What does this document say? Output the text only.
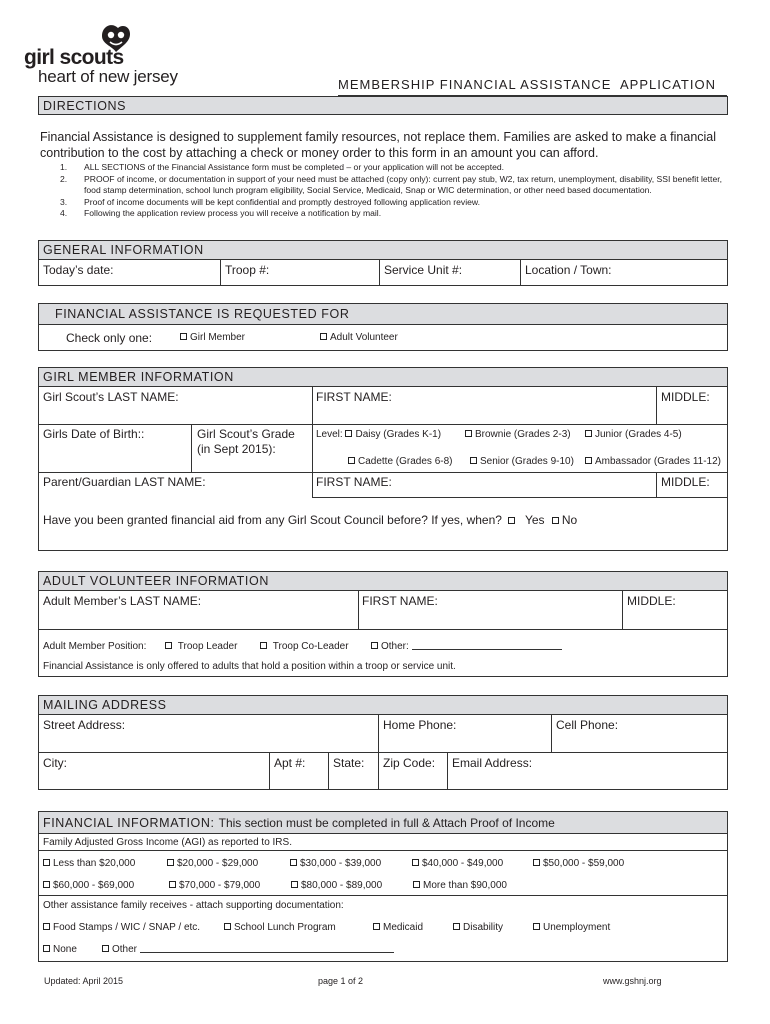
girl scouts
heart of new jersey	MEMBERSHIP FINANCIAL ASSISTANCE  APPLICATION
DIRECTIONS
Financial Assistance is designed to supplement family resources, not replace them. Families are asked to make a financial contribution to the cost by attaching a check or money order to this form in an amount you can afford.
1.	ALL SECTIONS of the Financial Assistance form must be completed – or your application will not be accepted.
2.	PROOF of income, or documentation in support of your need must be attached (copy only): current pay stub, W2, tax return, unemployment, disability, SSI benefit letter, food stamp determination, school lunch program eligibility, Social Service, Medicaid, Snap or WIC determination, or other need based documentation.
3.	Proof of income documents will be kept confidential and promptly destroyed following application review.
4.	Following the application review process you will receive a notification by mail.
GENERAL INFORMATION
Today’s date:	Troop #:	Service Unit #:	Location / Town:
FINANCIAL ASSISTANCE IS REQUESTED FOR
Check only one:	Girl Member	Adult Volunteer
GIRL MEMBER INFORMATION
Girl Scout’s LAST NAME:	FIRST NAME:	MIDDLE:
Girls Date of Birth::	Girl Scout’s Grade
(in Sept 2015):
Level: Daisy (Grades K-1)	Brownie (Grades 2-3)	Junior (Grades 4-5)
Cadette (Grades 6-8)	Senior (Grades 9-10)	Ambassador (Grades 11-12)
Parent/Guardian LAST NAME:	FIRST NAME:	MIDDLE:
Have you been granted financial aid from any Girl Scout Council before? If yes, when? Yes No
ADULT VOLUNTEER INFORMATION
Adult Member’s LAST NAME:	FIRST NAME:	MIDDLE:
Adult Member Position:	Troop Leader	Troop Co-Leader	Other:
Financial Assistance is only offered to adults that hold a position within a troop or service unit.
MAILING ADDRESS
Street Address:	Home Phone:	Cell Phone:
City:	Apt #: State: Zip Code: Email Address:
FINANCIAL INFORMATION: This section must be completed in full & Attach Proof of Income
Family Adjusted Gross Income (AGI) as reported to IRS.
Less than $20,000	$20,000 - $29,000	$30,000 - $39,000	$40,000 - $49,000	$50,000 - $59,000
$60,000 - $69,000	$70,000 - $79,000	$80,000 - $89,000	More than $90,000
Other assistance family receives - attach supporting documentation:
Food Stamps / WIC / SNAP / etc.	School Lunch Program	Medicaid	Disability	Unemployment
None	Other
Updated: April 2015	page 1 of 2	www.gshnj.org
